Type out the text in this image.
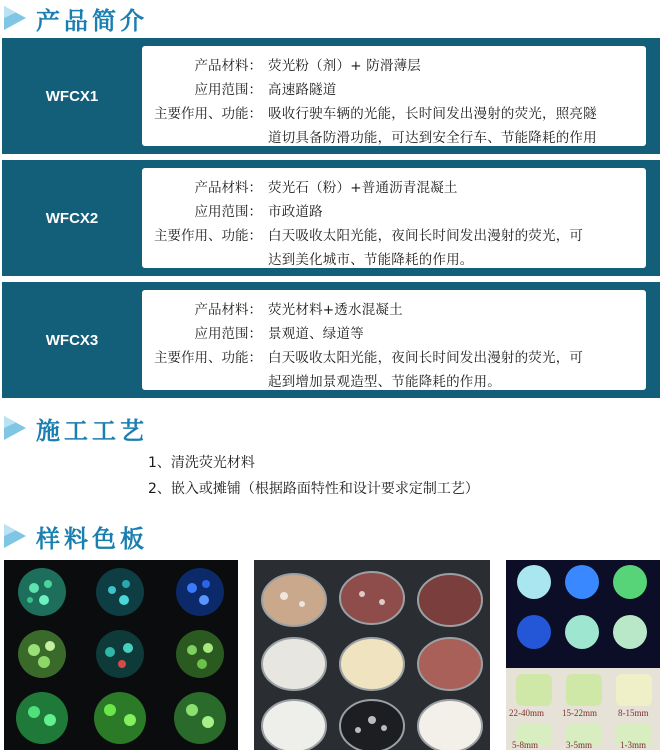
产品简介
WFCX1
产品材料： 荧光粉（剂）+ 防滑薄层
应用范围： 高速路隧道
主要作用、功能： 吸收行驶车辆的光能，长时间发出漫射的荧光，照亮隧
道切具备防滑功能，可达到安全行车、节能降耗的作用
WFCX2
产品材料： 荧光石（粉）+普通沥青混凝土
应用范围： 市政道路
主要作用、功能： 白天吸收太阳光能，夜间长时间发出漫射的荧光，可
达到美化城市、节能降耗的作用。
WFCX3
产品材料： 荧光材料+透水混凝土
应用范围： 景观道、绿道等
主要作用、功能： 白天吸收太阳光能，夜间长时间发出漫射的荧光，可
起到增加景观造型、节能降耗的作用。
施工工艺
1、清洗荧光材料
2、嵌入或摊铺（根据路面特性和设计要求定制工艺）
样料色板
22-40mm 15-22mm 8-15mm
5-8mm	3-5mm	1-3mm
